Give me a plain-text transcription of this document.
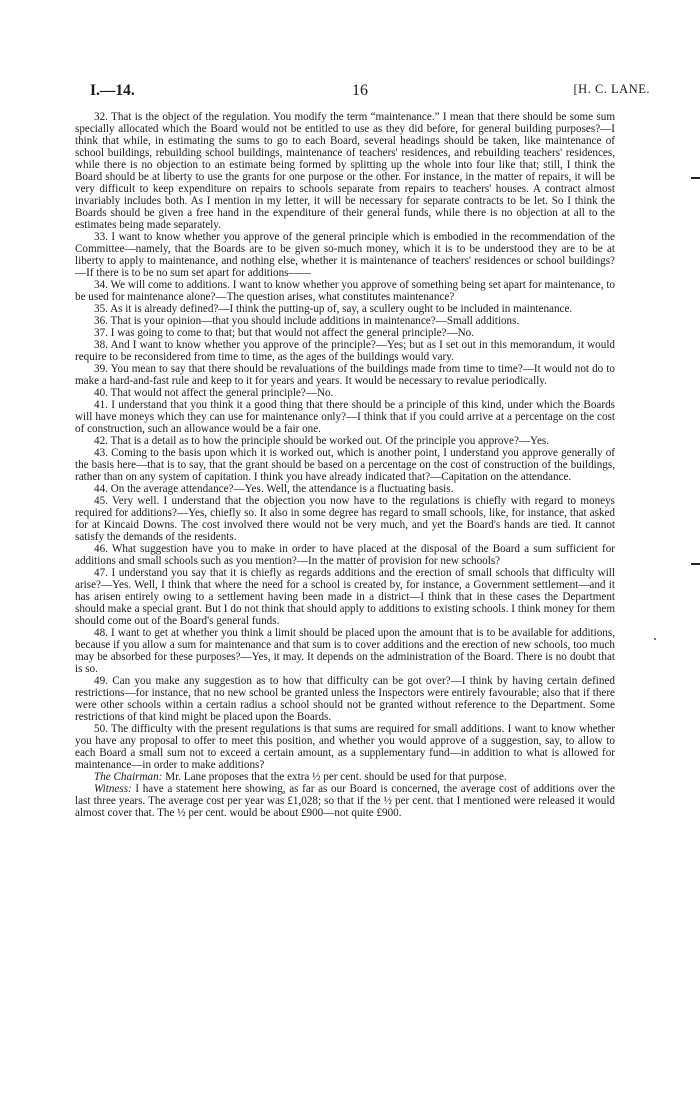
I.—14.	16	[H. C. LANE.

32. That is the object of the regulation. You modify the term “maintenance.” I mean that there should be some sum specially allocated which the Board would not be entitled to use as they did before, for general building purposes?—I think that while, in estimating the sums to go to each Board, several headings should be taken, like maintenance of school buildings, rebuilding school buildings, maintenance of teachers' residences, and rebuilding teachers' residences, while there is no objection to an estimate being formed by splitting up the whole into four like that; still, I think the Board should be at liberty to use the grants for one purpose or the other. For instance, in the matter of repairs, it will be very difficult to keep expenditure on repairs to schools separate from repairs to teachers' houses. A contract almost invariably includes both. As I mention in my letter, it will be necessary for separate contracts to be let. So I think the Boards should be given a free hand in the expenditure of their general funds, while there is no objection at all to the estimates being made separately.

33. I want to know whether you approve of the general principle which is embodied in the recommendation of the Committee—namely, that the Boards are to be given so-much money, which it is to be understood they are to be at liberty to apply to maintenance, and nothing else, whether it is maintenance of teachers' residences or school buildings?—If there is to be no sum set apart for additions——

34. We will come to additions. I want to know whether you approve of something being set apart for maintenance, to be used for maintenance alone?—The question arises, what constitutes maintenance?

35. As it is already defined?—I think the putting-up of, say, a scullery ought to be included in maintenance.

36. That is your opinion—that you should include additions in maintenance?—Small additions.

37. I was going to come to that; but that would not affect the general principle?—No.

38. And I want to know whether you approve of the principle?—Yes; but as I set out in this memorandum, it would require to be reconsidered from time to time, as the ages of the buildings would vary.

39. You mean to say that there should be revaluations of the buildings made from time to time?—It would not do to make a hard-and-fast rule and keep to it for years and years. It would be necessary to revalue periodically.

40. That would not affect the general principle?—No.

41. I understand that you think it a good thing that there should be a principle of this kind, under which the Boards will have moneys which they can use for maintenance only?—I think that if you could arrive at a percentage on the cost of construction, such an allowance would be a fair one.

42. That is a detail as to how the principle should be worked out. Of the principle you approve?—Yes.

43. Coming to the basis upon which it is worked out, which is another point, I understand you approve generally of the basis here—that is to say, that the grant should be based on a percentage on the cost of construction of the buildings, rather than on any system of capitation. I think you have already indicated that?—Capitation on the attendance.

44. On the average attendance?—Yes. Well, the attendance is a fluctuating basis.

45. Very well. I understand that the objection you now have to the regulations is chiefly with regard to moneys required for additions?—Yes, chiefly so. It also in some degree has regard to small schools, like, for instance, that asked for at Kincaid Downs. The cost involved there would not be very much, and yet the Board's hands are tied. It cannot satisfy the demands of the residents.

46. What suggestion have you to make in order to have placed at the disposal of the Board a sum sufficient for additions and small schools such as you mention?—In the matter of provision for new schools?

47. I understand you say that it is chiefly as regards additions and the erection of small schools that difficulty will arise?—Yes. Well, I think that where the need for a school is created by, for instance, a Government settlement—and it has arisen entirely owing to a settlement having been made in a district—I think that in these cases the Department should make a special grant. But I do not think that should apply to additions to existing schools. I think money for them should come out of the Board's general funds.

48. I want to get at whether you think a limit should be placed upon the amount that is to be available for additions, because if you allow a sum for maintenance and that sum is to cover additions and the erection of new schools, too much may be absorbed for these purposes?—Yes, it may. It depends on the administration of the Board. There is no doubt that is so.

49. Can you make any suggestion as to how that difficulty can be got over?—I think by having certain defined restrictions—for instance, that no new school be granted unless the Inspectors were entirely favourable; also that if there were other schools within a certain radius a school should not be granted without reference to the Department. Some restrictions of that kind might be placed upon the Boards.

50. The difficulty with the present regulations is that sums are required for small additions. I want to know whether you have any proposal to offer to meet this position, and whether you would approve of a suggestion, say, to allow to each Board a small sum not to exceed a certain amount, as a supplementary fund—in addition to what is allowed for maintenance—in order to make additions?

The Chairman: Mr. Lane proposes that the extra ½ per cent. should be used for that purpose.

Witness: I have a statement here showing, as far as our Board is concerned, the average cost of additions over the last three years. The average cost per year was £1,028; so that if the ½ per cent. that I mentioned were released it would almost cover that. The ½ per cent. would be about £900—not quite £900.
